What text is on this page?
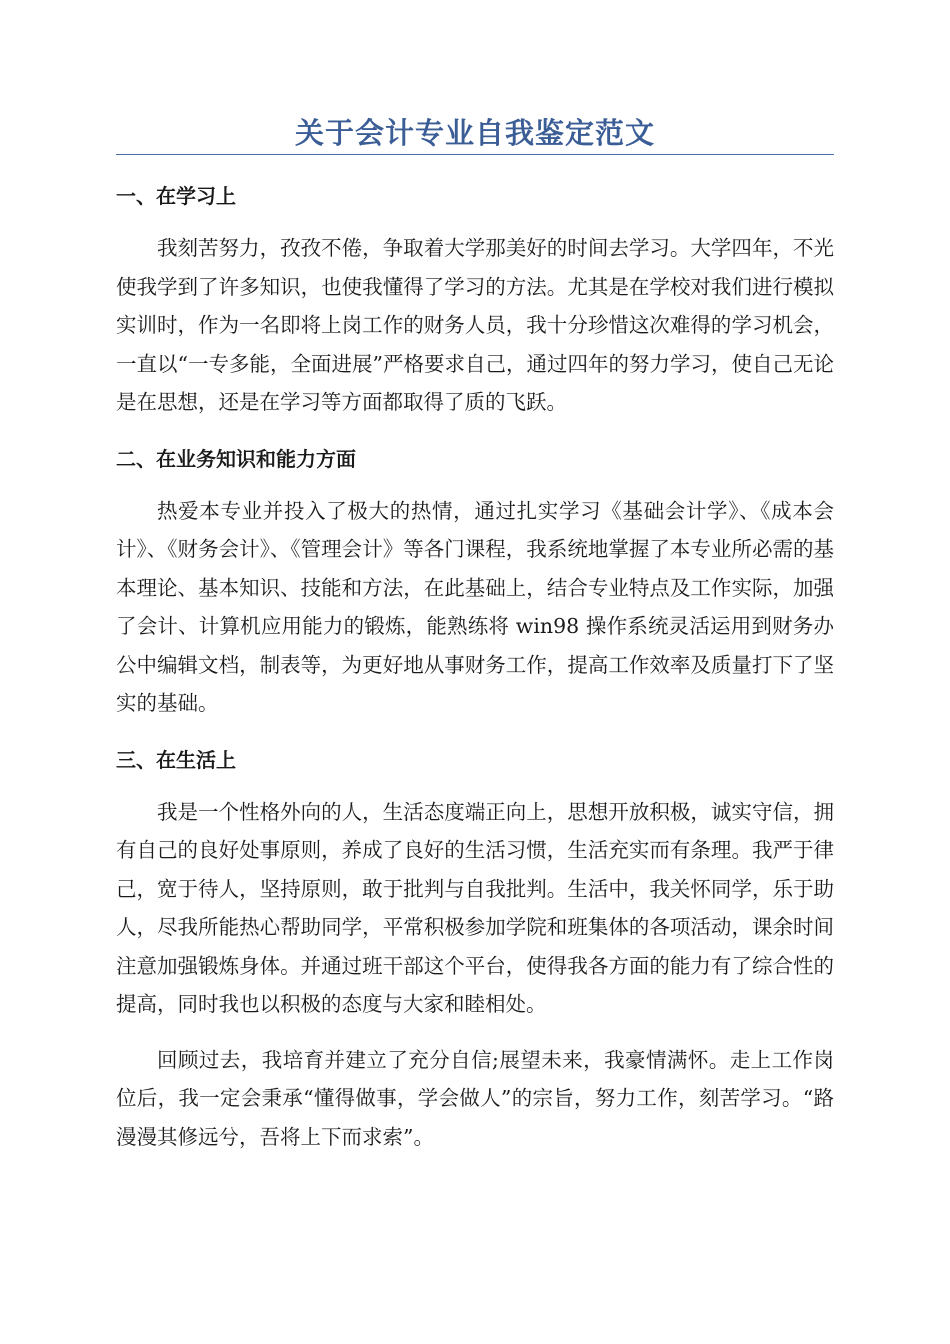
关于会计专业自我鉴定范文
一、在学习上

我刻苦努力，孜孜不倦，争取着大学那美好的时间去学习。大学四年，不光使我学到了许多知识，也使我懂得了学习的方法。尤其是在学校对我们进行模拟实训时，作为一名即将上岗工作的财务人员，我十分珍惜这次难得的学习机会，一直以“一专多能，全面进展”严格要求自己，通过四年的努力学习，使自己无论是在思想，还是在学习等方面都取得了质的飞跃。

二、在业务知识和能力方面

热爱本专业并投入了极大的热情，通过扎实学习《基础会计学》、《成本会计》、《财务会计》、《管理会计》等各门课程，我系统地掌握了本专业所必需的基本理论、基本知识、技能和方法，在此基础上，结合专业特点及工作实际，加强了会计、计算机应用能力的锻炼，能熟练将 win98 操作系统灵活运用到财务办公中编辑文档，制表等，为更好地从事财务工作，提高工作效率及质量打下了坚实的基础。

三、在生活上

我是一个性格外向的人，生活态度端正向上，思想开放积极，诚实守信，拥有自己的良好处事原则，养成了良好的生活习惯，生活充实而有条理。我严于律己，宽于待人，坚持原则，敢于批判与自我批判。生活中，我关怀同学，乐于助人，尽我所能热心帮助同学，平常积极参加学院和班集体的各项活动，课余时间注意加强锻炼身体。并通过班干部这个平台，使得我各方面的能力有了综合性的提高，同时我也以积极的态度与大家和睦相处。

回顾过去，我培育并建立了充分自信;展望未来，我豪情满怀。走上工作岗位后，我一定会秉承“懂得做事，学会做人”的宗旨，努力工作，刻苦学习。“路漫漫其修远兮，吾将上下而求索”。
